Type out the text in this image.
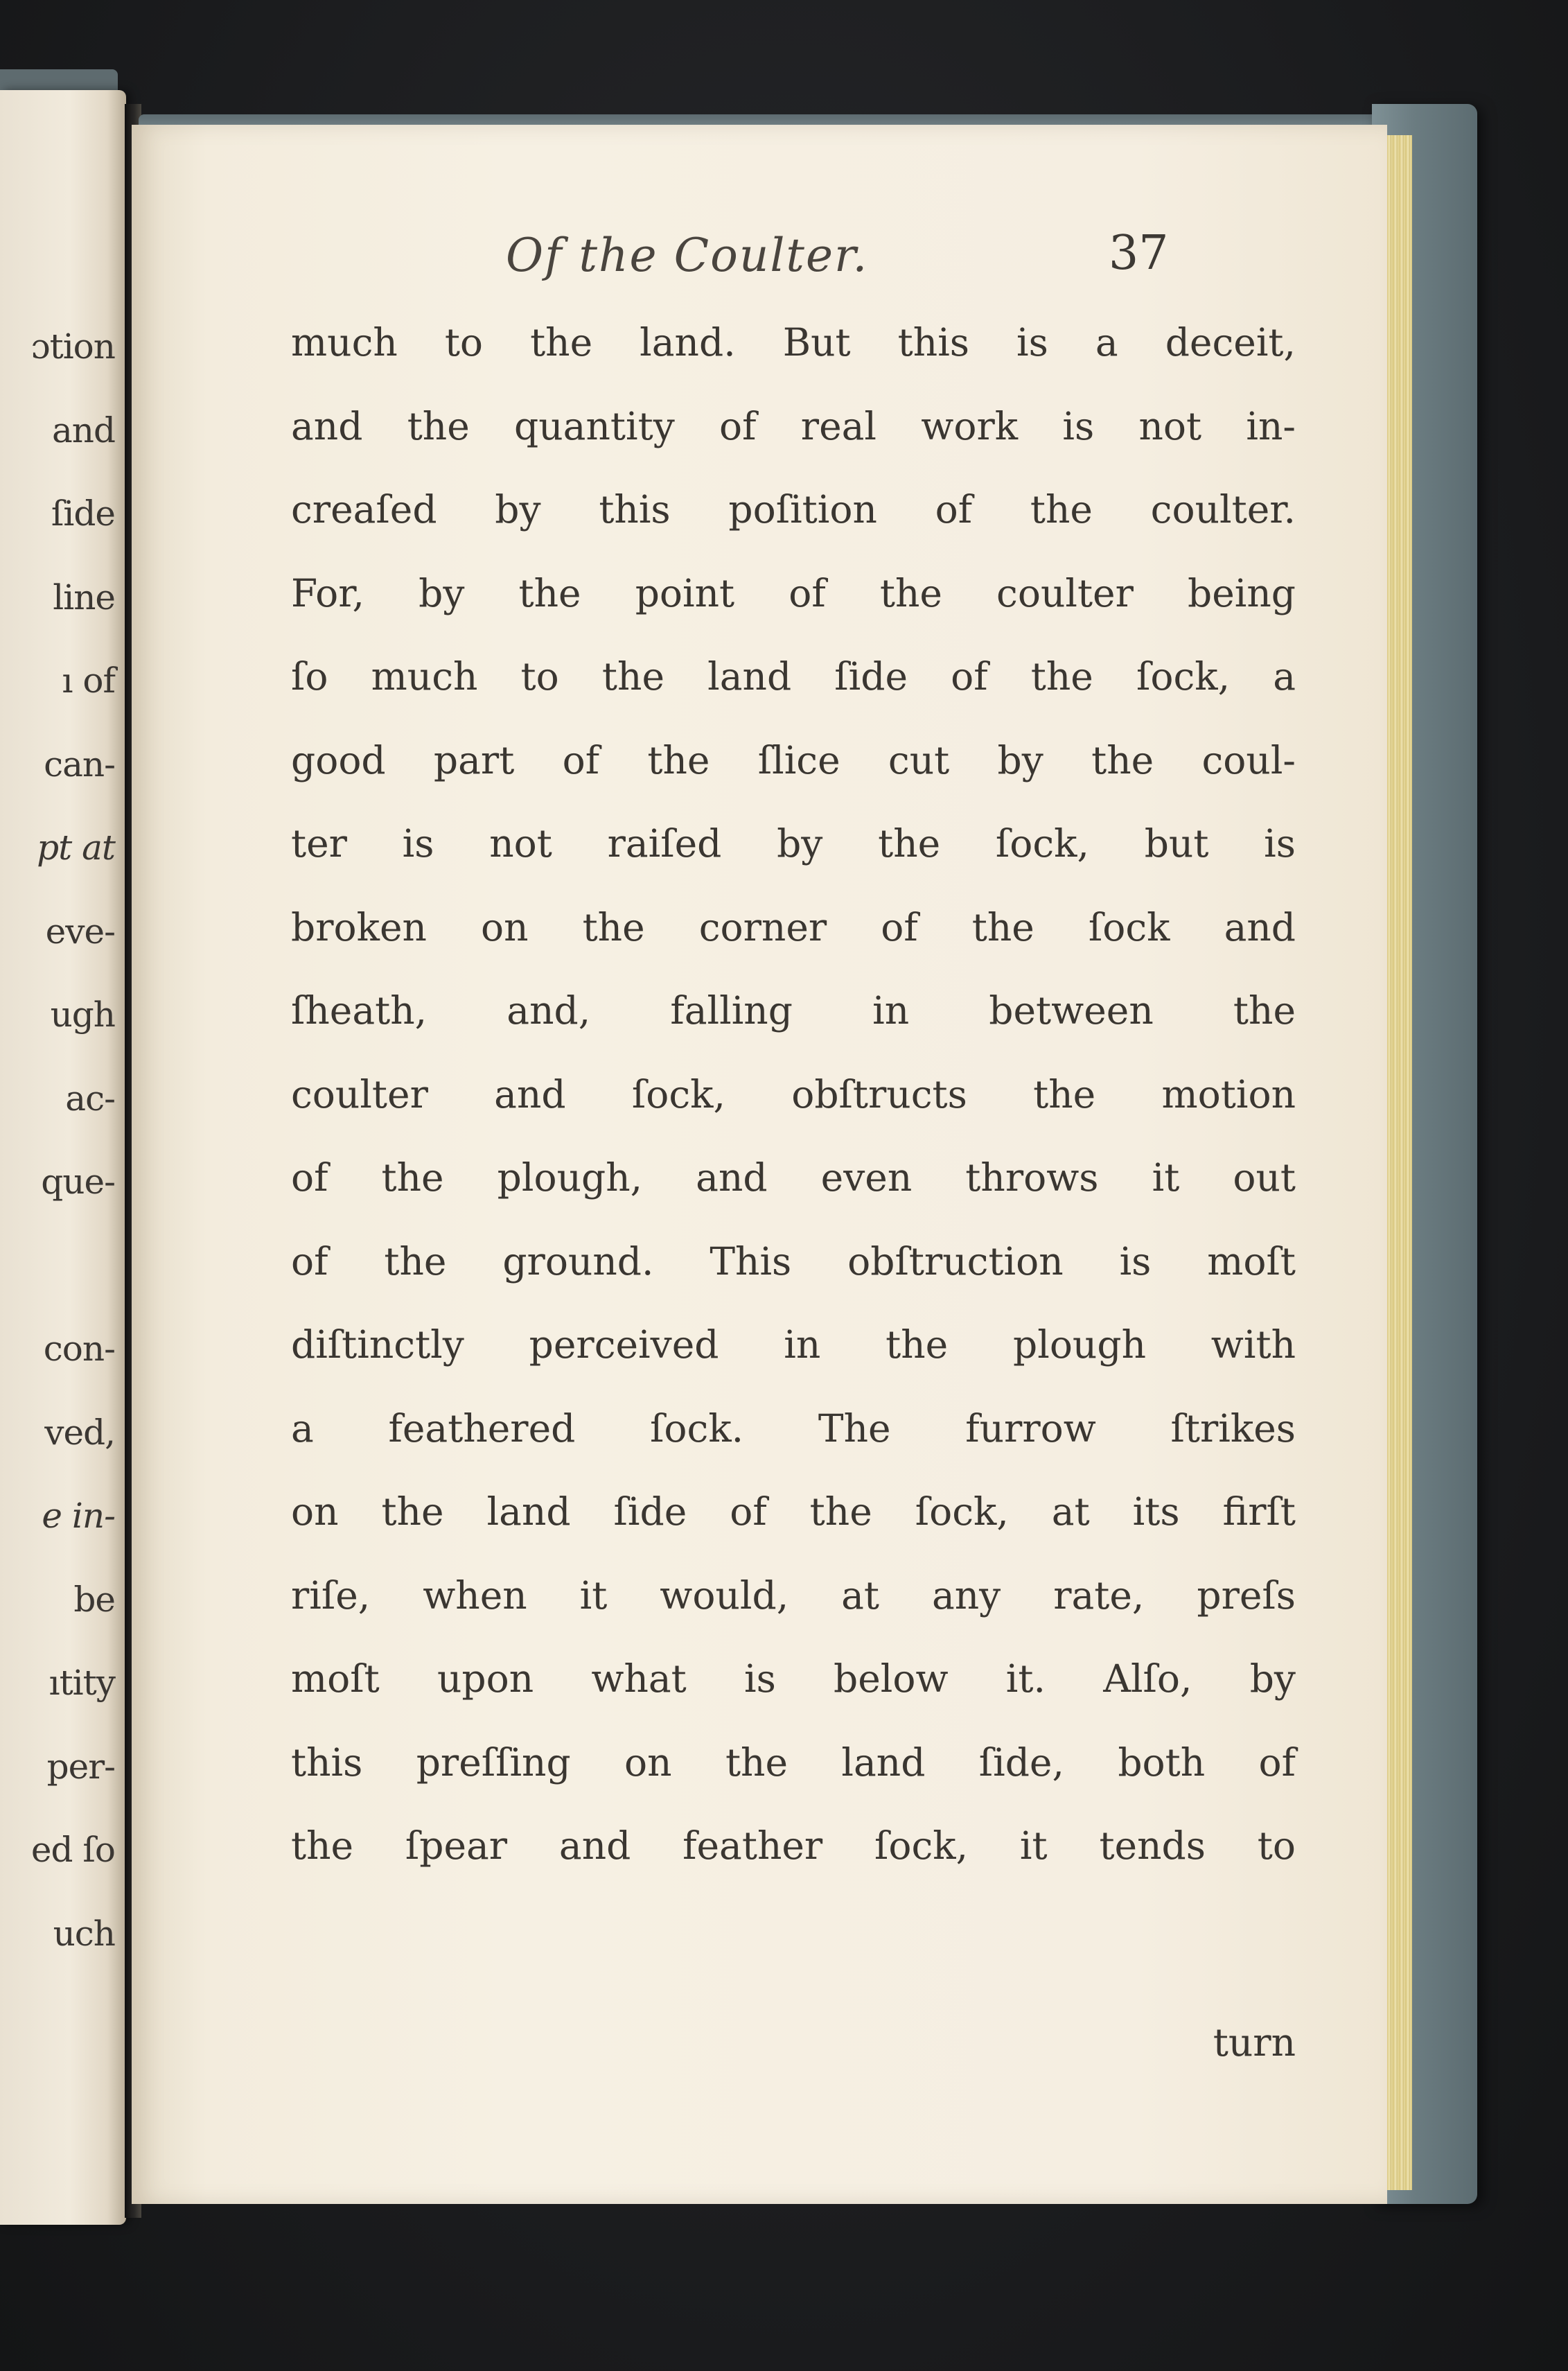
ɔtion
and
ſide
line
ı of
can-
pt at
eve-
ugh
ac-
que-
con-
ved,
e in-
be
ıtity
per-
ed ſo
uch
Of the Coulter.	37
much to the land. But this is a deceit,
and the quantity of real work is not in-
creaſed by this poſition of the coulter.
For, by the point of the coulter being
ſo much to the land ſide of the ſock, a
good part of the ſlice cut by the coul-
ter is not raiſed by the ſock, but is
broken on the corner of the ſock and
ſheath, and, falling in between the
coulter and ſock, obſtructs the motion
of the plough, and even throws it out
of the ground. This obſtruction is moſt
diſtinctly perceived in the plough with
a feathered ſock. The furrow ſtrikes
on the land ſide of the ſock, at its firſt
riſe, when it would, at any rate, preſs
moſt upon what is below it. Alſo, by
this preſſing on the land ſide, both of
the ſpear and feather ſock, it tends to
turn
